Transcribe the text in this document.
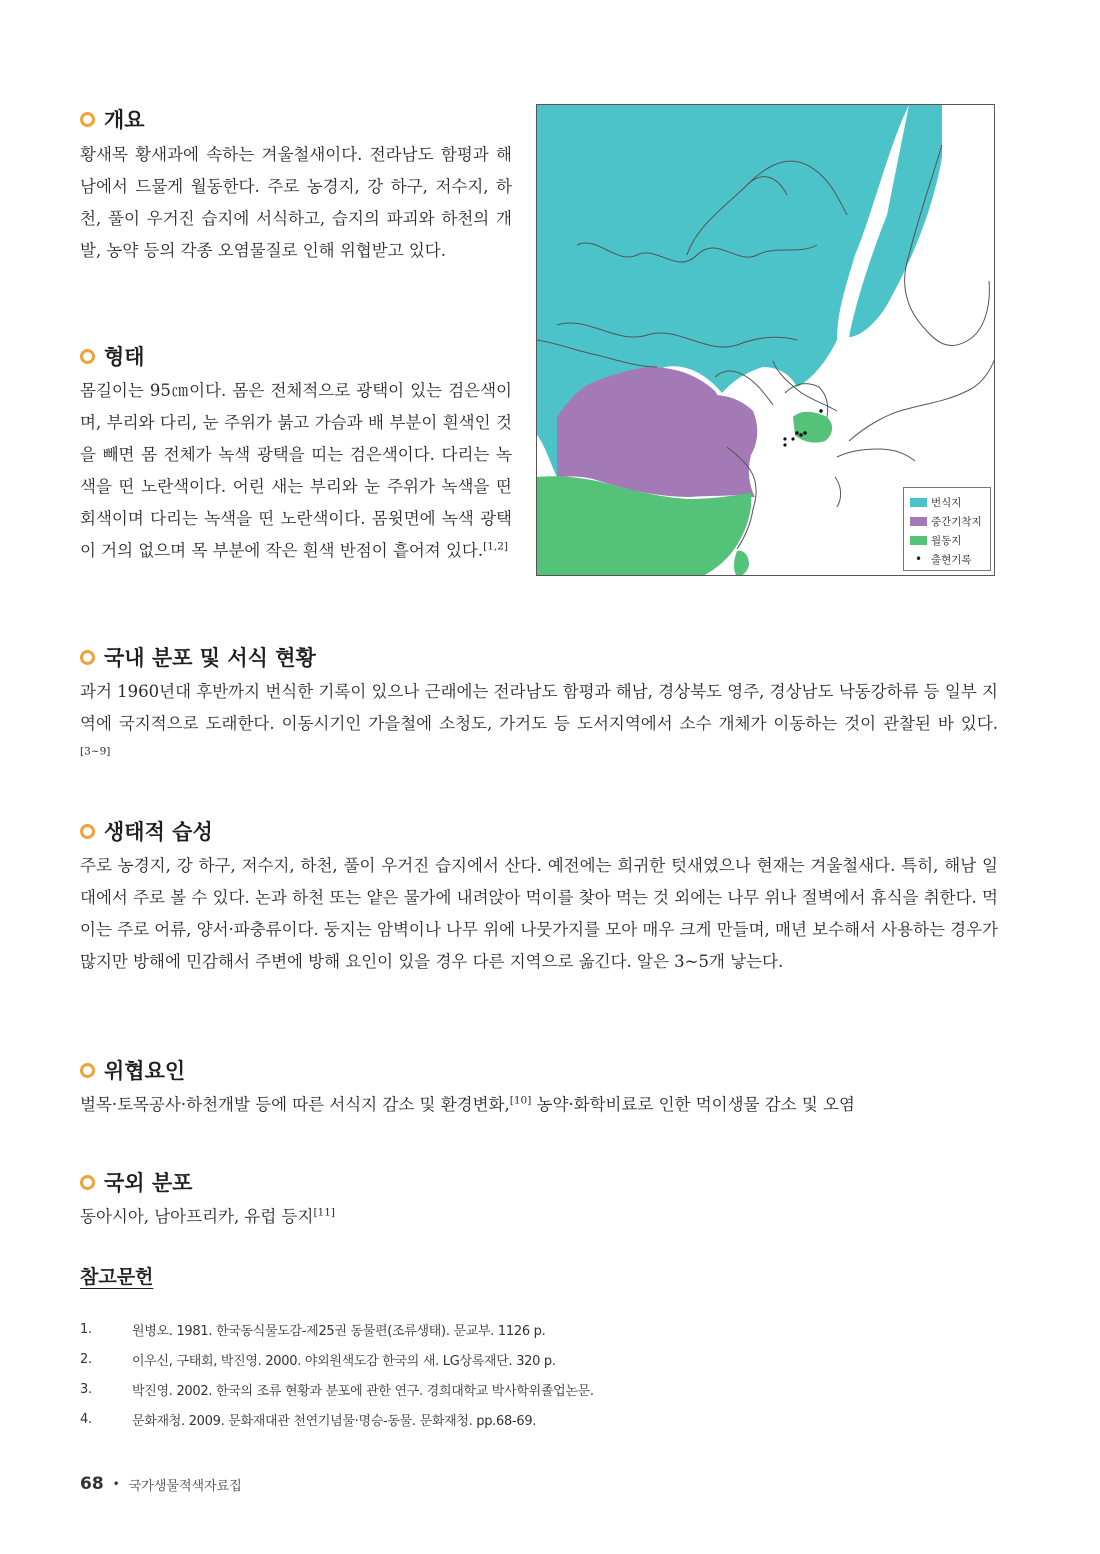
개요

황새목 황새과에 속하는 겨울철새이다. 전라남도 함평과 해남에서 드물게 월동한다. 주로 농경지, 강 하구, 저수지, 하천, 풀이 우거진 습지에 서식하고, 습지의 파괴와 하천의 개발, 농약 등의 각종 오염물질로 인해 위협받고 있다.

형태

몸길이는 95㎝이다. 몸은 전체적으로 광택이 있는 검은색이며, 부리와 다리, 눈 주위가 붉고 가슴과 배 부분이 흰색인 것을 빼면 몸 전체가 녹색 광택을 띠는 검은색이다. 다리는 녹색을 띤 노란색이다. 어린 새는 부리와 눈 주위가 녹색을 띤 회색이며 다리는 녹색을 띤 노란색이다. 몸윗면에 녹색 광택이 거의 없으며 목 부분에 작은 흰색 반점이 흩어져 있다.[1,2]

번식지
중간기착지
월동지
• 출현기록
국내 분포 및 서식 현황

과거 1960년대 후반까지 번식한 기록이 있으나 근래에는 전라남도 함평과 해남, 경상북도 영주, 경상남도 낙동강하류 등 일부 지역에 국지적으로 도래한다. 이동시기인 가을철에 소청도, 가거도 등 도서지역에서 소수 개체가 이동하는 것이 관찰된 바 있다.[3~9]

생태적 습성

주로 농경지, 강 하구, 저수지, 하천, 풀이 우거진 습지에서 산다. 예전에는 희귀한 텃새였으나 현재는 겨울철새다. 특히, 해남 일대에서 주로 볼 수 있다. 논과 하천 또는 얕은 물가에 내려앉아 먹이를 찾아 먹는 것 외에는 나무 위나 절벽에서 휴식을 취한다. 먹이는 주로 어류, 양서·파충류이다. 둥지는 암벽이나 나무 위에 나뭇가지를 모아 매우 크게 만들며, 매년 보수해서 사용하는 경우가 많지만 방해에 민감해서 주변에 방해 요인이 있을 경우 다른 지역으로 옮긴다. 알은 3~5개 낳는다.

위협요인

벌목·토목공사·하천개발 등에 따른 서식지 감소 및 환경변화,[10] 농약·화학비료로 인한 먹이생물 감소 및 오염

국외 분포

동아시아, 남아프리카, 유럽 등지[11]

참고문헌
1.	원병오. 1981. 한국동식물도감-제25권 동물편(조류생태). 문교부. 1126 p.
2.	이우신, 구태회, 박진영. 2000. 야외원색도감 한국의 새. LG상록재단. 320 p.
3.	박진영. 2002. 한국의 조류 현황과 분포에 관한 연구. 경희대학교 박사학위졸업논문.
4.	문화재청. 2009. 문화재대관 천연기념물·명승-동물. 문화재청. pp.68-69.
68 • 국가생물적색자료집
